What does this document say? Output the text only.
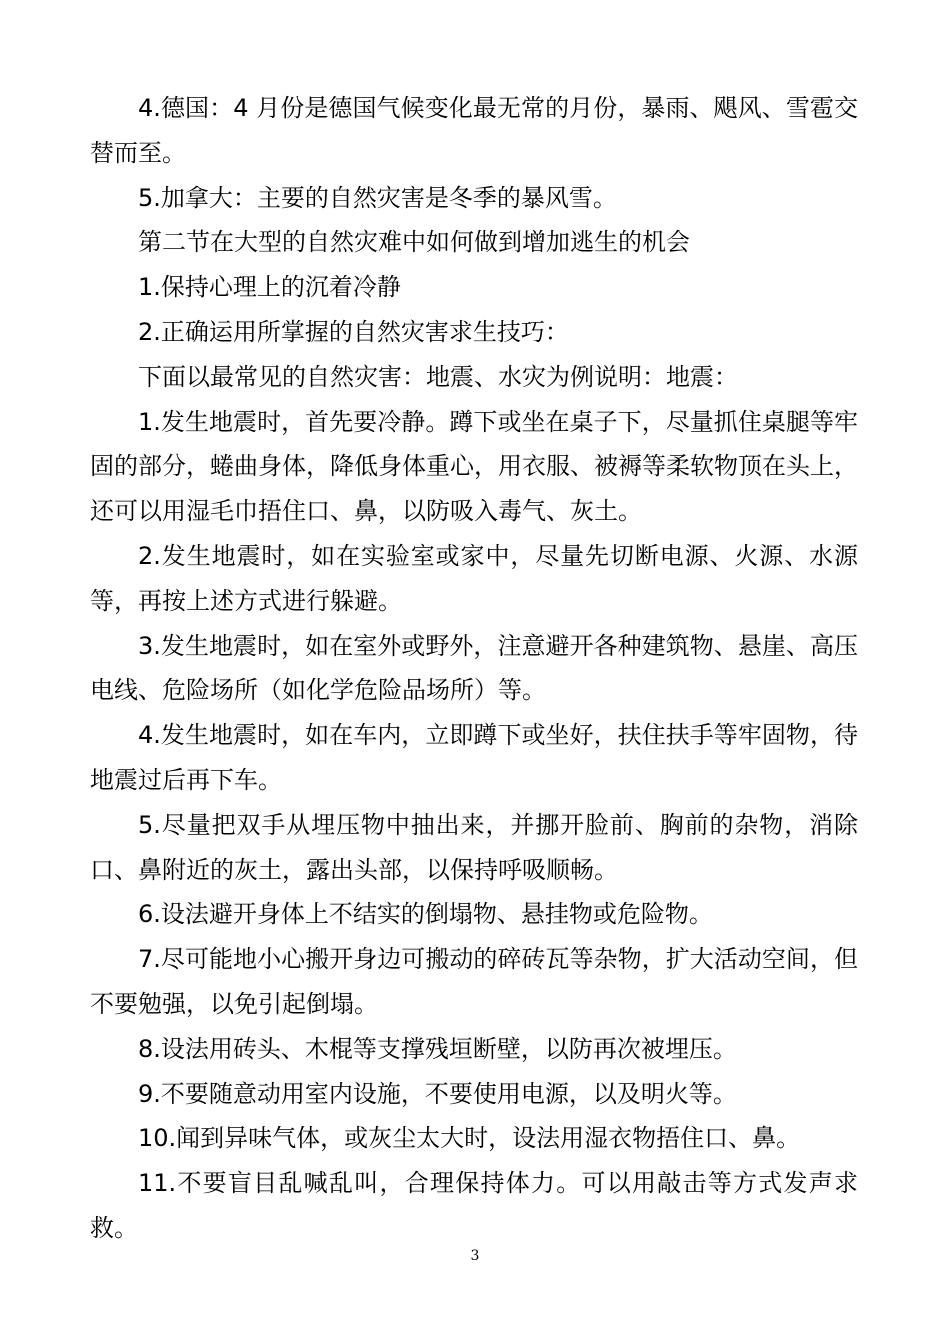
4.德国：4 月份是德国气候变化最无常的月份，暴雨、飓风、雪雹交替而至。

5.加拿大：主要的自然灾害是冬季的暴风雪。

第二节在大型的自然灾难中如何做到增加逃生的机会

1.保持心理上的沉着冷静

2.正确运用所掌握的自然灾害求生技巧：

下面以最常见的自然灾害：地震、水灾为例说明：地震：

1.发生地震时，首先要冷静。蹲下或坐在桌子下，尽量抓住桌腿等牢固的部分，蜷曲身体，降低身体重心，用衣服、被褥等柔软物顶在头上，还可以用湿毛巾捂住口、鼻，以防吸入毒气、灰土。

2.发生地震时，如在实验室或家中，尽量先切断电源、火源、水源等，再按上述方式进行躲避。

3.发生地震时，如在室外或野外，注意避开各种建筑物、悬崖、高压电线、危险场所（如化学危险品场所）等。

4.发生地震时，如在车内，立即蹲下或坐好，扶住扶手等牢固物，待地震过后再下车。

5.尽量把双手从埋压物中抽出来，并挪开脸前、胸前的杂物，消除口、鼻附近的灰土，露出头部，以保持呼吸顺畅。

6.设法避开身体上不结实的倒塌物、悬挂物或危险物。

7.尽可能地小心搬开身边可搬动的碎砖瓦等杂物，扩大活动空间，但不要勉强，以免引起倒塌。

8.设法用砖头、木棍等支撑残垣断壁，以防再次被埋压。

9.不要随意动用室内设施，不要使用电源，以及明火等。

10.闻到异味气体，或灰尘太大时，设法用湿衣物捂住口、鼻。

11.不要盲目乱喊乱叫，合理保持体力。可以用敲击等方式发声求救。

3
